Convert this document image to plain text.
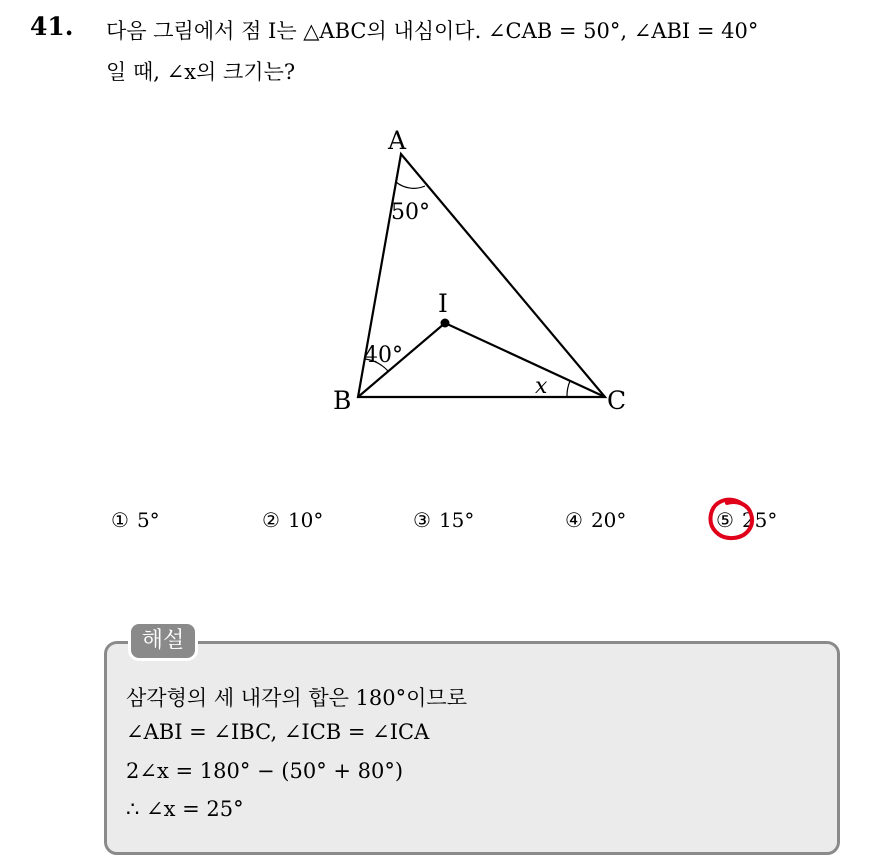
41. 다음 그림에서 점 I는 △ABC의 내심이다. ∠CAB = 50°, ∠ABI = 40°
일 때, ∠x의 크기는?
A
B	C
I
50°
40°
x
① 5°	② 10°	③ 15°	④ 20°	⑤ 25°
해설
삼각형의 세 내각의 합은 180°이므로
∠ABI = ∠IBC, ∠ICB = ∠ICA
2∠x = 180° − (50° + 80°)
∴ ∠x = 25°
